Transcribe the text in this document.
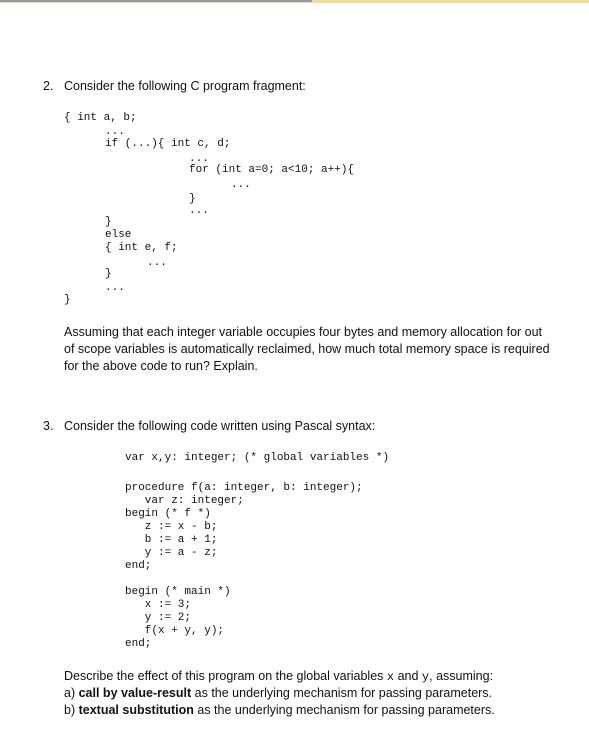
2. Consider the following C program fragment:
{ int a, b;
...
if (...){ int c, d;
...
for (int a=0; a<10; a++){
...
}
...
}
else
{ int e, f;
...
}
...
}
Assuming that each integer variable occupies four bytes and memory allocation for out
of scope variables is automatically reclaimed, how much total memory space is required
for the above code to run? Explain.
3. Consider the following code written using Pascal syntax:
var x,y: integer; (* global variables *)
procedure f(a: integer, b: integer);
var z: integer;
begin (* f *)
z := x - b;
b := a + 1;
y := a - z;
end;
begin (* main *)
x := 3;
y := 2;
f(x + y, y);
end;
Describe the effect of this program on the global variables x and y, assuming:
a) call by value-result as the underlying mechanism for passing parameters.
b) textual substitution as the underlying mechanism for passing parameters.
